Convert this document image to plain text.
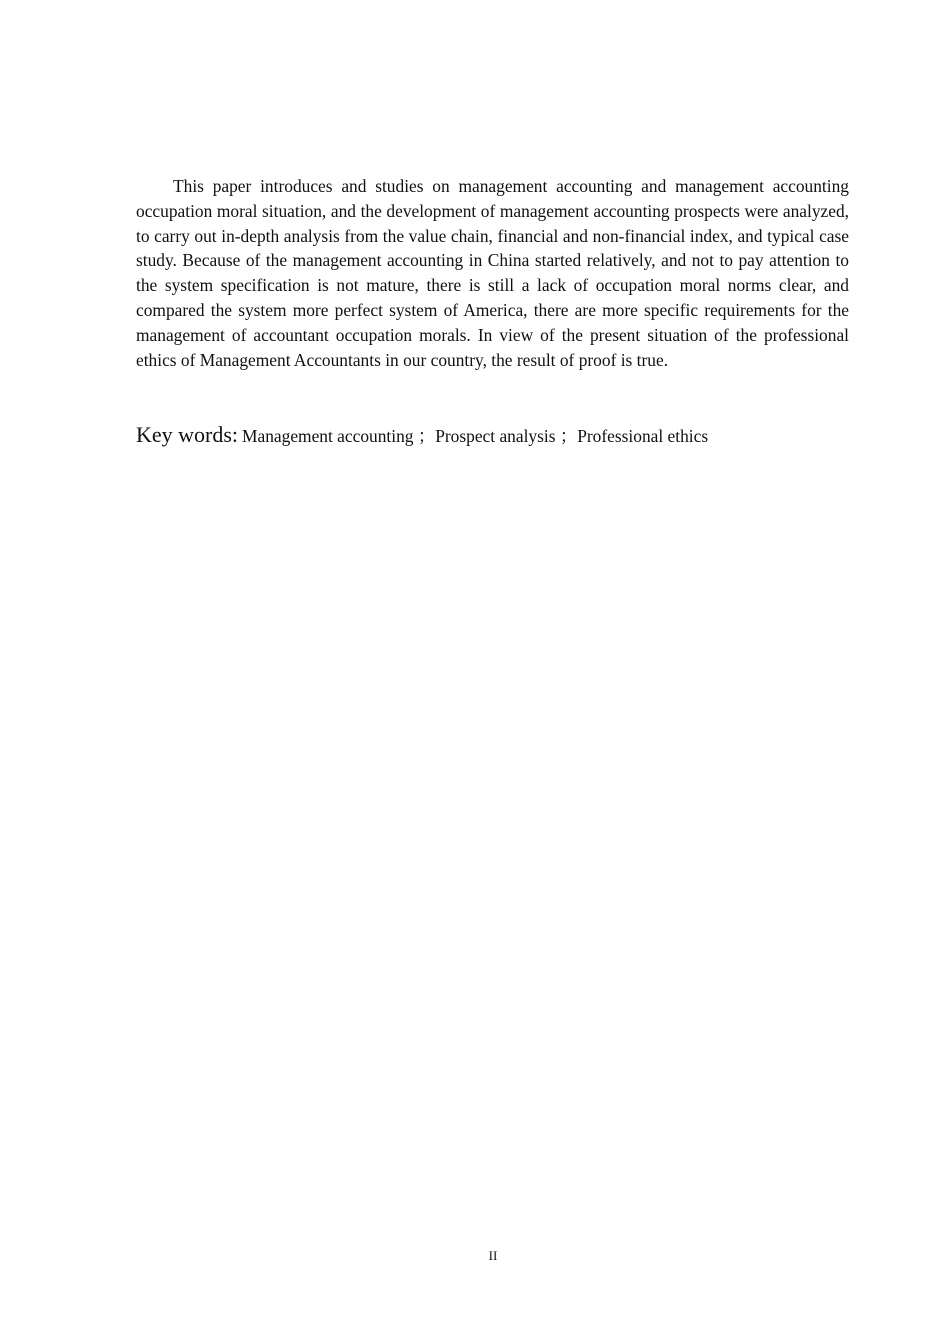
This paper introduces and studies on management accounting and management accounting occupation moral situation, and the development of management accounting prospects were analyzed, to carry out in-depth analysis from the value chain, financial and non-financial index, and typical case study. Because of the management accounting in China started relatively, and not to pay attention to the system specification is not mature, there is still a lack of occupation moral norms clear, and compared the system more perfect system of America, there are more specific requirements for the management of accountant occupation morals. In view of the present situation of the professional ethics of Management Accountants in our country, the result of proof is true.

Key words: Management accounting ；Prospect analysis ；Professional ethics

II
